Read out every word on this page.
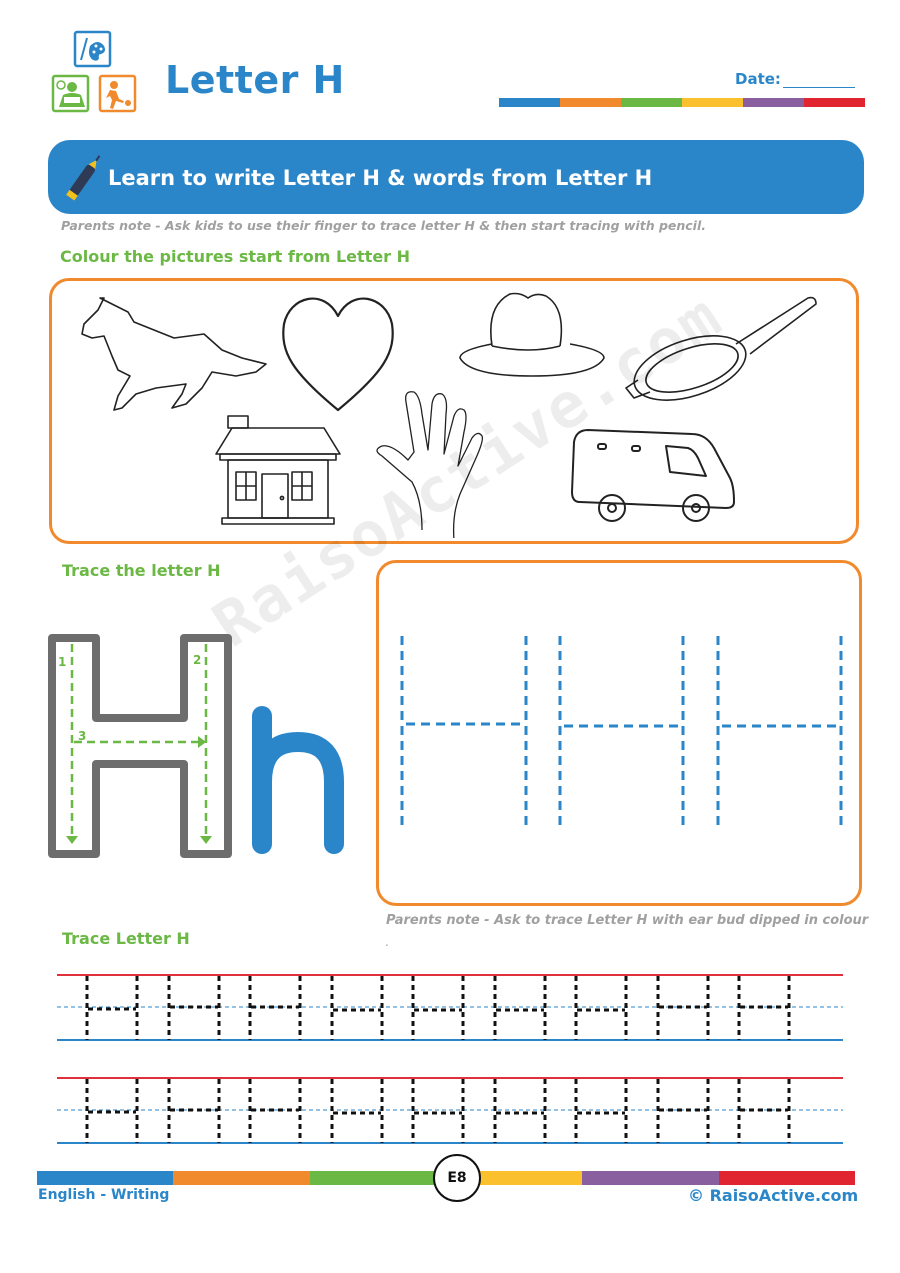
Letter H	Date:
Learn to write Letter H & words from Letter H
Parents note - Ask kids to use their finger to trace letter H & then start tracing with pencil.
Colour the pictures start from Letter H
RaisoActive.com
Trace the letter H
1	2
3
Parents note - Ask to trace Letter H with ear bud dipped in colour
.
Trace Letter H
E8
English - Writing	© RaisoActive.com
